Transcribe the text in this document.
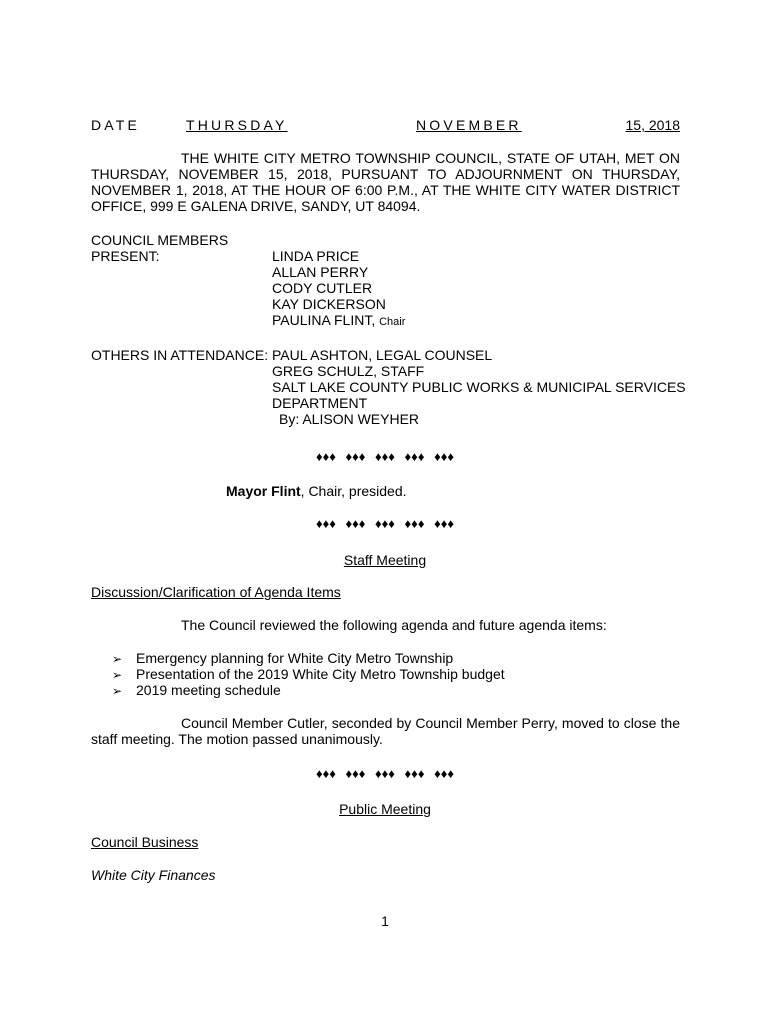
DATE	THURSDAY	NOVEMBER	15, 2018
THE WHITE CITY METRO TOWNSHIP COUNCIL, STATE OF UTAH, MET ON
THURSDAY, NOVEMBER 15, 2018, PURSUANT TO ADJOURNMENT ON THURSDAY,
NOVEMBER 1, 2018, AT THE HOUR OF 6:00 P.M., AT THE WHITE CITY WATER DISTRICT
OFFICE, 999 E GALENA DRIVE, SANDY, UT 84094.
COUNCIL MEMBERS
PRESENT:	LINDA PRICE
ALLAN PERRY
CODY CUTLER
KAY DICKERSON
PAULINA FLINT, Chair
OTHERS IN ATTENDANCE: PAUL ASHTON, LEGAL COUNSEL
GREG SCHULZ, STAFF
SALT LAKE COUNTY PUBLIC WORKS & MUNICIPAL SERVICES
DEPARTMENT
By: ALISON WEYHER
♦♦♦ ♦♦♦ ♦♦♦ ♦♦♦ ♦♦♦
Mayor Flint, Chair, presided.
♦♦♦ ♦♦♦ ♦♦♦ ♦♦♦ ♦♦♦
Staff Meeting
Discussion/Clarification of Agenda Items
The Council reviewed the following agenda and future agenda items:
➢ Emergency planning for White City Metro Township
➢ Presentation of the 2019 White City Metro Township budget
➢ 2019 meeting schedule
Council Member Cutler, seconded by Council Member Perry, moved to close the
staff meeting. The motion passed unanimously.
♦♦♦ ♦♦♦ ♦♦♦ ♦♦♦ ♦♦♦
Public Meeting
Council Business
White City Finances
1
